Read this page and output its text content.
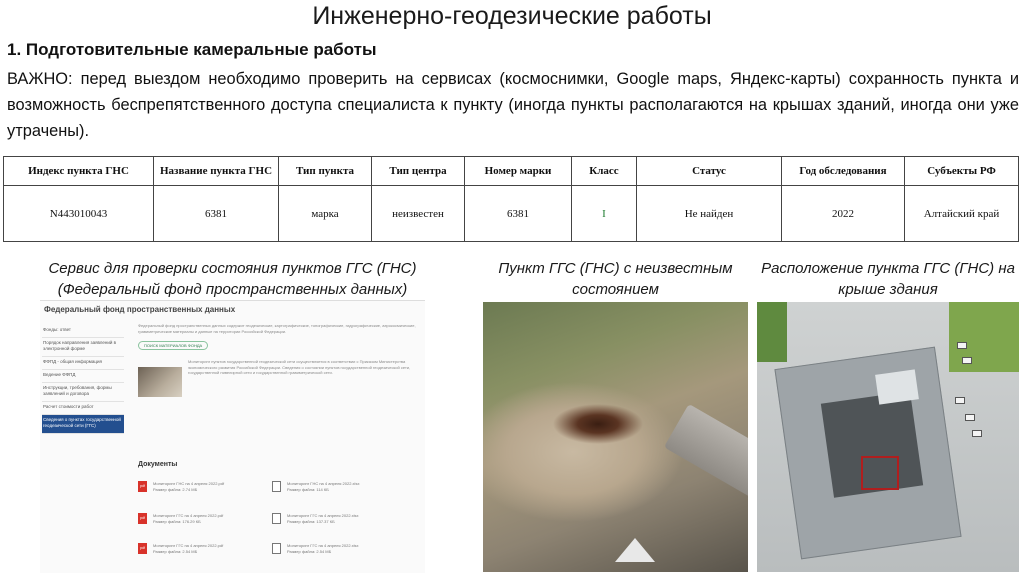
Инженерно-геодезические работы
1. Подготовительные камеральные работы
ВАЖНО: перед выездом необходимо проверить на сервисах (космоснимки, Google maps, Яндекс-карты) сохранность пункта и возможность беспрепятственного доступа специалиста к пункту (иногда пункты располагаются на крышах зданий, иногда они уже утрачены).
Индекс пункта ГНС	Название пункта ГНС	Тип пункта	Тип центра	Номер марки	Класс	Статус	Год обследования	Субъекты РФ
N443010043	6381	марка	неизвестен	6381	I	Не найден	2022	Алтайский край
Сервис для проверки состояния пунктов ГГС (ГНС) (Федеральный фонд пространственных данных)
Пункт ГГС (ГНС) с неизвестным состоянием
Расположение пункта ГГС (ГНС) на крыше здания
Федеральный фонд пространственных данных
Фонды: ответ
Порядок направления заявлений в электронной форме
ФФПД - общая информация
Ведение ФФПД
Инструкции, требования, формы заявлений и договора
Расчет стоимости работ
Сведения о пунктах государственной геодезической сети (ГГС)
Федеральный фонд пространственных данных содержит геодезические, картографические, топографические, гидрографические, аэрокосмические, гравиметрические материалы и данные на территории Российской Федерации.
ПОИСК МАТЕРИАЛОВ ФОНДА
Мониторинг пунктов государственной геодезической сети осуществляется в соответствии с Приказом Министерства экономического развития Российской Федерации. Сведения о состоянии пунктов государственной геодезической сети, государственной нивелирной сети и государственной гравиметрической сети.
Документы
pdf Мониторинг ГНС на 4 апреля 2022.pdf
Размер файла: 2.74 МБ
Мониторинг ГНС на 4 апреля 2022.xlsx
Размер файла: 114 КБ
pdf Мониторинг ГГС на 4 апреля 2022.pdf
Размер файла: 176.29 КБ
Мониторинг ГГС на 4 апреля 2022.xlsx
Размер файла: 137.37 КБ
pdf Мониторинг ГГС на 4 апреля 2022.pdf
Размер файла: 2.54 МБ
Мониторинг ГГС на 4 апреля 2022.xlsx
Размер файла: 2.54 МБ
